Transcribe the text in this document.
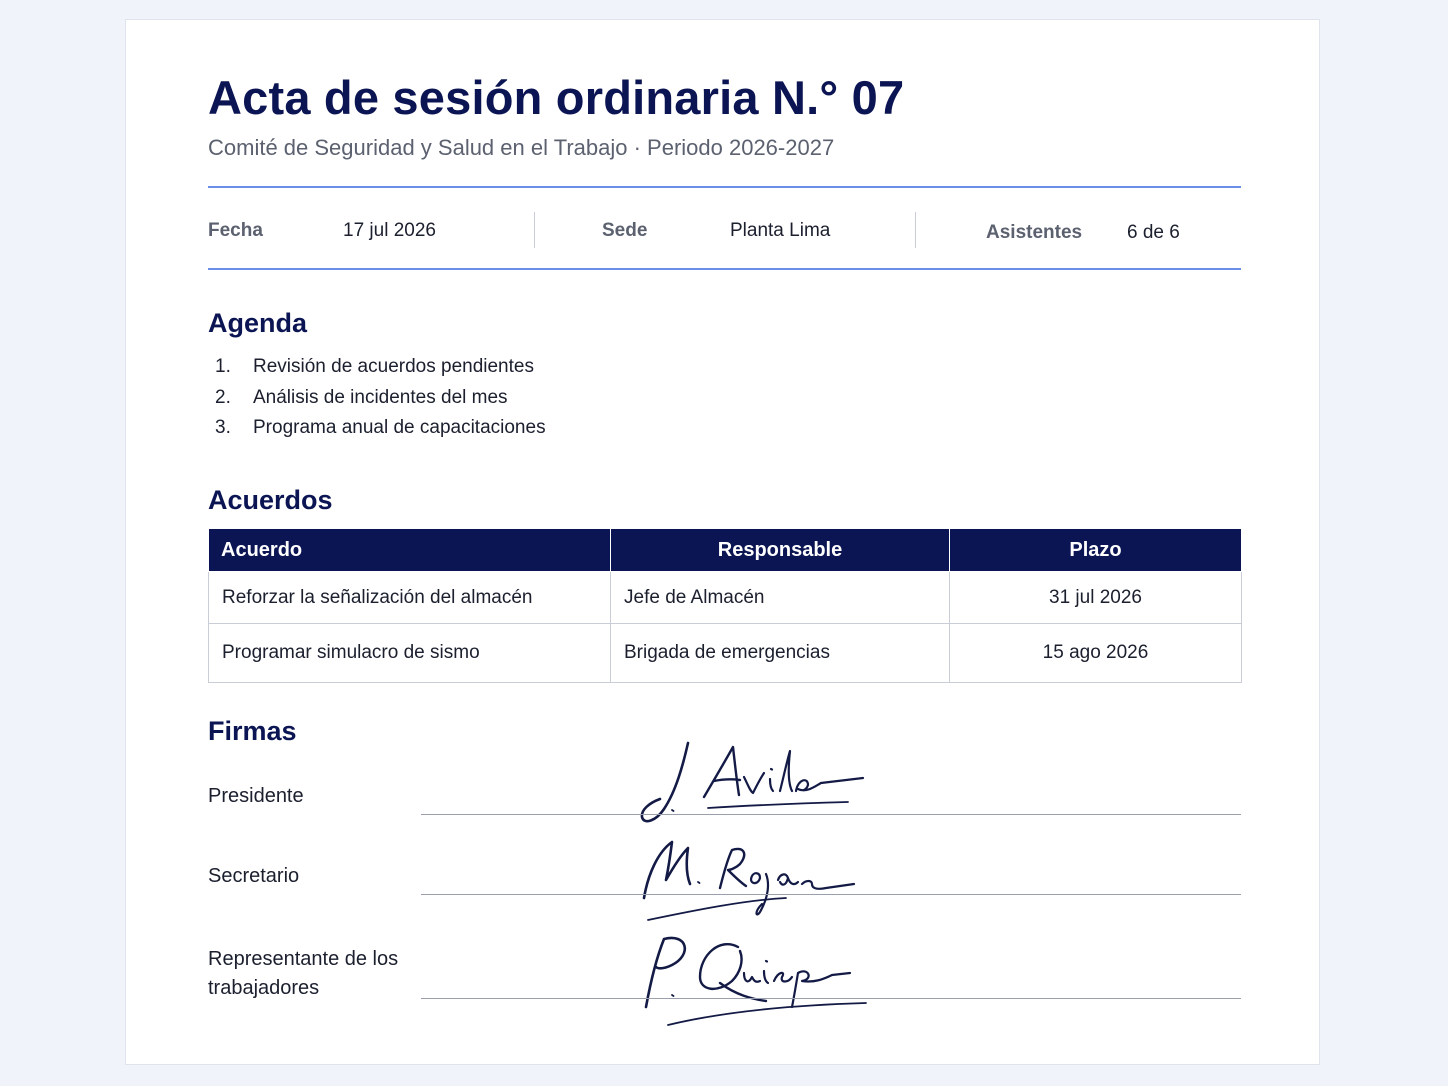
Acta de sesión ordinaria N.° 07
Comité de Seguridad y Salud en el Trabajo · Periodo 2026-2027
Fecha	17 jul 2026	Sede	Planta Lima	Asistentes 6 de 6
Agenda
1. Revisión de acuerdos pendientes
2. Análisis de incidentes del mes
3. Programa anual de capacitaciones
Acuerdos
Acuerdo	Responsable	Plazo
Reforzar la señalización del almacén	Jefe de Almacén	31 jul 2026
Programar simulacro de sismo	Brigada de emergencias	15 ago 2026
Firmas
Presidente
Secretario
Representante de los trabajadores
